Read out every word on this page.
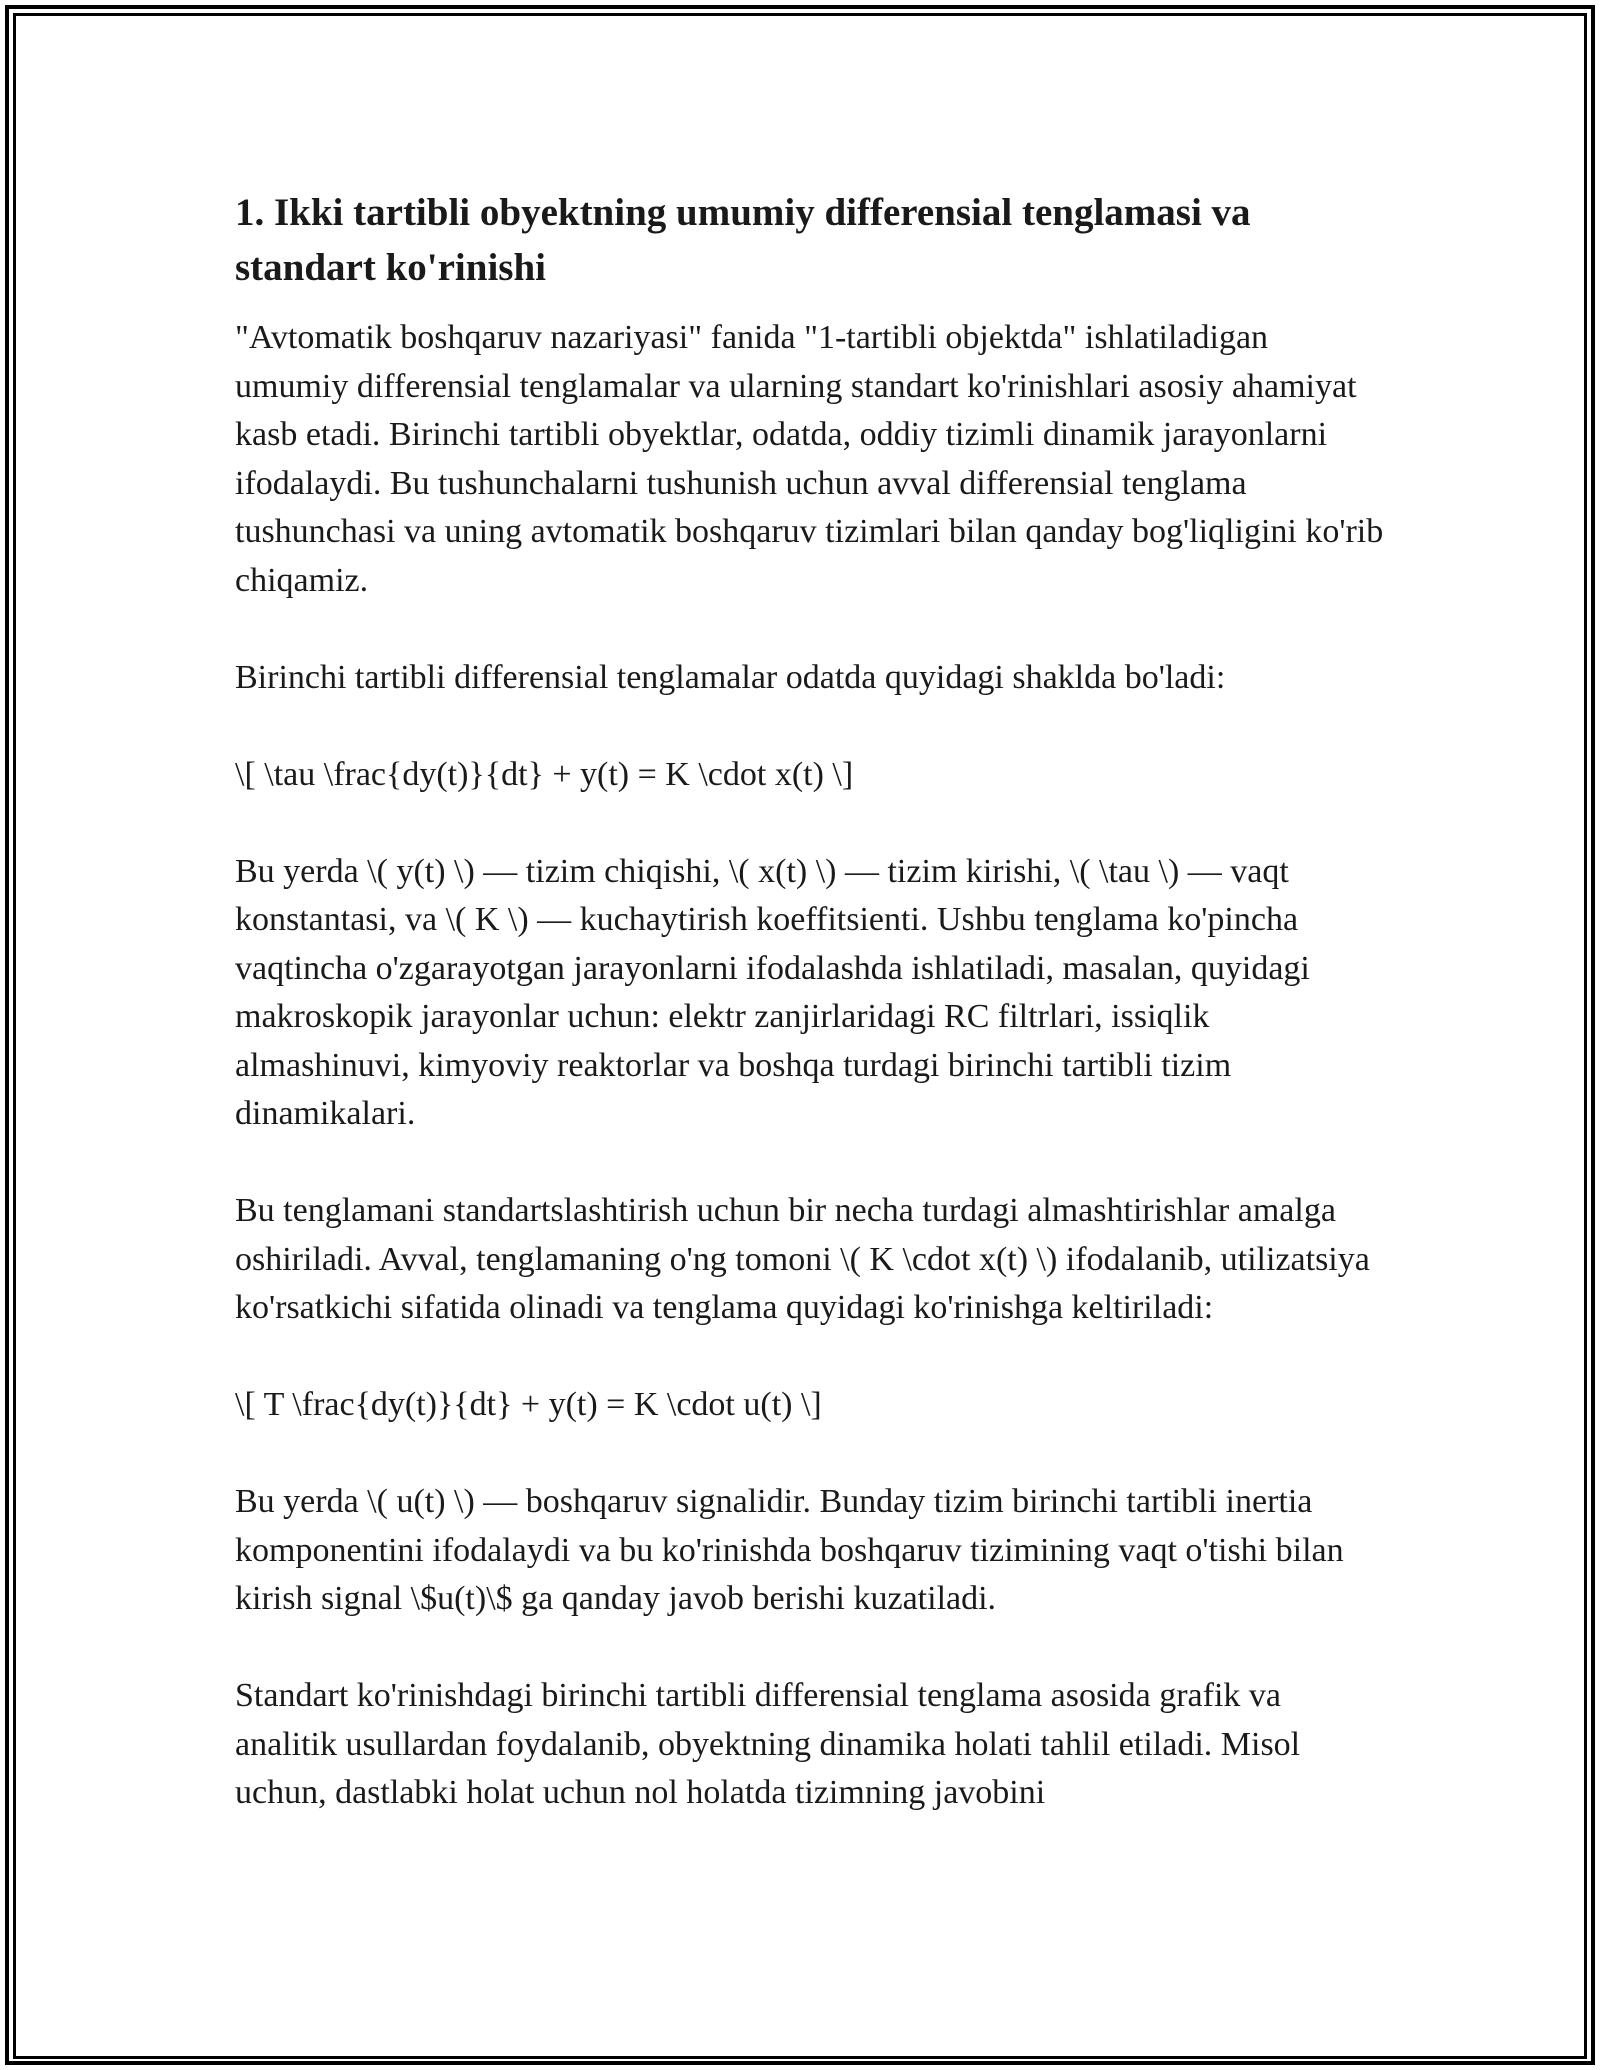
1. Ikki tartibli obyektning umumiy differensial tenglamasi va standart ko'rinishi

"Avtomatik boshqaruv nazariyasi" fanida "1-tartibli objektda" ishlatiladigan umumiy differensial tenglamalar va ularning standart ko'rinishlari asosiy ahamiyat kasb etadi. Birinchi tartibli obyektlar, odatda, oddiy tizimli dinamik jarayonlarni ifodalaydi. Bu tushunchalarni tushunish uchun avval differensial tenglama tushunchasi va uning avtomatik boshqaruv tizimlari bilan qanday bog'liqligini ko'rib chiqamiz.

Birinchi tartibli differensial tenglamalar odatda quyidagi shaklda bo'ladi:

\[ \tau \frac{dy(t)}{dt} + y(t) = K \cdot x(t) \]

Bu yerda \( y(t) \) — tizim chiqishi, \( x(t) \) — tizim kirishi, \( \tau \) — vaqt konstantasi, va \( K \) — kuchaytirish koeffitsienti. Ushbu tenglama ko'pincha vaqtincha o'zgarayotgan jarayonlarni ifodalashda ishlatiladi, masalan, quyidagi makroskopik jarayonlar uchun: elektr zanjirlaridagi RC filtrlari, issiqlik almashinuvi, kimyoviy reaktorlar va boshqa turdagi birinchi tartibli tizim dinamikalari.

Bu tenglamani standartslashtirish uchun bir necha turdagi almashtirishlar amalga oshiriladi. Avval, tenglamaning o'ng tomoni \( K \cdot x(t) \) ifodalanib, utilizatsiya ko'rsatkichi sifatida olinadi va tenglama quyidagi ko'rinishga keltiriladi:

\[ T \frac{dy(t)}{dt} + y(t) = K \cdot u(t) \]

Bu yerda \( u(t) \) — boshqaruv signalidir. Bunday tizim birinchi tartibli inertia komponentini ifodalaydi va bu ko'rinishda boshqaruv tizimining vaqt o'tishi bilan kirish signal \$u(t)\$ ga qanday javob berishi kuzatiladi.

Standart ko'rinishdagi birinchi tartibli differensial tenglama asosida grafik va analitik usullardan foydalanib, obyektning dinamika holati tahlil etiladi. Misol uchun, dastlabki holat uchun nol holatda tizimning javobini
